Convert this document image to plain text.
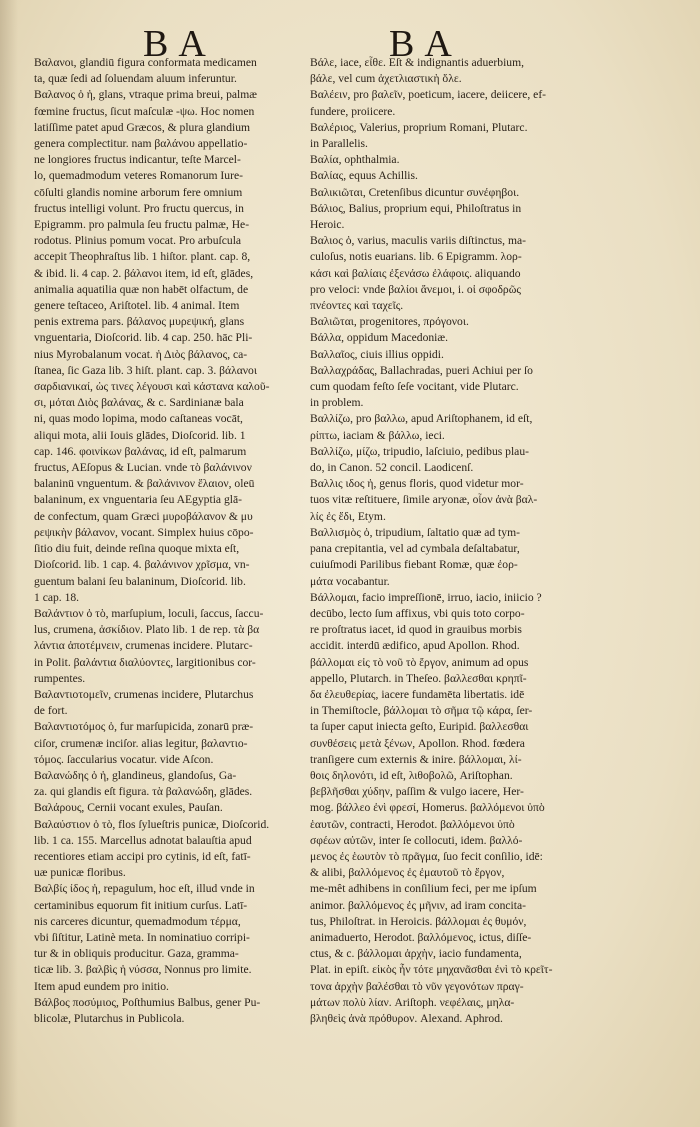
BA	BA
Βαλανοι, glandiū figura conformata medicamen
ta, quæ ſedi ad ſoluendam aluum inferuntur.
Βαλανος ὁ ἡ, glans, vtraque prima breui, palmæ
fœmine fructus, ſicut maſculæ -ψω. Hoc nomen
latiſſime patet apud Græcos, & plura glandium
genera complectitur. nam βαλάνου appellatio-
ne longiores fructus indicantur, teſte Marcel-
lo, quemadmodum veteres Romanorum Iure-
cōſulti glandis nomine arborum fere omnium
fructus intelligi volunt. Pro fructu quercus, in
Epigramm. pro palmula ſeu fructu palmæ, He-
rodotus. Plinius pomum vocat. Pro arbuſcula
accepit Theophraſtus lib. 1 hiſtor. plant. cap. 8,
& ibid. li. 4 cap. 2. βάλανοι item, id eſt, glādes,
animalia aquatilia quæ non habēt olfactum, de
genere teſtaceo, Ariſtotel. lib. 4 animal. Item
penis extrema pars. βάλανος μυρεψική, glans
vnguentaria, Dioſcorid. lib. 4 cap. 250. hāc Pli-
nius Myrobalanum vocat. ἡ Διὸς βάλανος, ca-
ſtanea, ſic Gaza lib. 3 hiſt. plant. cap. 3. βάλανοι
σαρδιανικαί, ὡς τινες λέγουσι καὶ κάστανα καλοῦ-
σι, μόται Διὸς βαλάνας, & c. Sardinianæ bala
ni, quas modo lopima, modo caſtaneas vocāt,
aliqui mota, alii Iouis glādes, Dioſcorid. lib. 1
cap. 146. φοινίκων βαλάνας, id eſt, palmarum
fructus, AEſopus & Lucian. vnde τὸ βαλάνινον
balaninū vnguentum. & βαλάνινον ἔλαιον, oleū
balaninum, ex vnguentaria ſeu AEgyptia glā-
de confectum, quam Græci μυροβάλανον & μυ
ρεψικὴν βάλανον, vocant. Simplex huius cōpo-
ſitio diu fuit, deinde reſina quoque mixta eſt,
Dioſcorid. lib. 1 cap. 4. βαλάνινον χρῖσμα, vn-
guentum balani ſeu balaninum, Dioſcorid. lib.
1 cap. 18.
Βαλάντιον ὁ τὸ, marſupium, loculi, ſaccus, ſaccu-
lus, crumena, ἀσκίδιον. Plato lib. 1 de rep. τὰ βα
λάντια ἀποτέμνειν, crumenas incidere. Plutarc-
in Polit. βαλάντια διαλύοντες, largitionibus cor-
rumpentes.
Βαλαντιοτομεῖν, crumenas incidere, Plutarchus
de fort.
Βαλαντιοτόμος ὁ, fur marſupicida, zonarū præ-
ciſor, crumenæ inciſor. alias legitur, βαλαντιο-
τόμος. ſaccularius vocatur. vide Aſcon.
Βαλανώδης ὁ ἡ, glandineus, glandoſus, Ga-
za. qui glandis eſt figura. τὰ βαλανώδη, glādes.
Βαλάρους, Cernii vocant exules, Pauſan.
Βαλαύστιον ὁ τὸ, flos ſylueſtris punicæ, Dioſcorid.
lib. 1 ca. 155. Marcellus adnotat balauſtia apud
recentiores etiam accipi pro cytinis, id eſt, fatī-
uæ punicæ floribus.
Βαλβίς ίδος ἡ, repagulum, hoc eſt, illud vnde in
certaminibus equorum fit initium curſus. Latī-
nis carceres dicuntur, quemadmodum τέρμα,
vbi ſiſtitur, Latinè meta. In nominatiuo corripi-
tur & in obliquis producitur. Gaza, gramma-
ticæ lib. 3. βαλβὶς ἡ νύσσα, Nonnus pro limite.
Item apud eundem pro initio.
Βάλβος ποσύμιος, Poſthumius Balbus, gener Pu-
blicolæ, Plutarchus in Publicola.
Βάλε, iace, εἶθε. Eſt & indignantis aduerbium,
βάλε, vel cum ἀχετλιαστικὴ ὅλε.
Βαλέειν, pro βαλεῖν, poeticum, iacere, deiicere, ef-
fundere, proiicere.
Βαλέριος, Valerius, proprium Romani, Plutarc.
in Parallelis.
Βαλία, ophthalmia.
Βαλίας, equus Achillis.
Βαλικιῶται, Cretenſibus dicuntur συνέφηβοι.
Βάλιος, Balius, proprium equi, Philoſtratus in
Heroic.
Βαλιος ὁ, varius, maculis variis diſtinctus, ma-
culoſus, notis euarians. lib. 6 Epigramm. λορ-
κάσι καὶ βαλίαις ἐξενάσω ἐλάφοις. aliquando
pro veloci: vnde βαλίοι ἄνεμοι, i. οἱ σφοδρῶς
πνέοντες καὶ ταχεῖς.
Βαλιῶται, progenitores, πρόγονοι.
Βάλλα, oppidum Macedoniæ.
Βαλλαῖος, ciuis illius oppidi.
Βαλλαχράδας, Ballachradas, pueri Achiui per ſo
cum quodam feſto ſeſe vocitant, vide Plutarc.
in problem.
Βαλλίζω, pro βαλλω, apud Ariſtophanem, id eſt,
ρίπτω, iaciam & βάλλω, ieci.
Βαλλίζω, μίζω, tripudio, laſciuio, pedibus plau-
do, in Canon. 52 concil. Laodicenſ.
Βαλλις ιδος ἡ, genus floris, quod videtur mor-
tuos vitæ reſtituere, ſimile aryonæ, οἷον ἀνὰ βαλ-
λίς ἐς ἔδι, Etym.
Βαλλισμὸς ὁ, tripudium, ſaltatio quæ ad tym-
pana crepitantia, vel ad cymbala deſaltabatur,
cuiuſmodi Parilibus fiebant Romæ, quæ ἐορ-
μάτα vocabantur.
Βάλλομαι, facio impreſſionē, irruo, iacio, iniicio ?
decūbo, lecto ſum affixus, vbi quis toto corpo-
re proſtratus iacet, id quod in grauibus morbis
accidit. interdū ædifico, apud Apollon. Rhod.
βάλλομαι εἰς τὸ νοῦ τὸ ἔργον, animum ad opus
appello, Plutarch. in Theſeo. βαλλεσθαι κρηπῖ-
δα ἐλευθερίας, iacere fundamēta libertatis. idē
in Themiſtocle, βάλλομαι τὸ σῆμα τῷ κάρα, ſer-
ta ſuper caput iniecta geſto, Euripid. βαλλεσθαι
συνθέσεις μετὰ ξένων, Apollon. Rhod. fœdera
tranſigere cum externis & inire. βάλλομαι, λί-
θοις δηλονότι, id eſt, λιθοβολῶ, Ariſtophan.
βεβλῆσθαι χύδην, paſſim & vulgo iacere, Her-
mog. βάλλεο ἐνὶ φρεσί, Homerus. βαλλόμενοι ὑπὸ
ἑαυτῶν, contracti, Herodot. βαλλόμενοι ὑπὸ
σφέων αὐτῶν, inter ſe collocuti, idem. βαλλό-
μενος ἐς ἑωυτὸν τὸ πρᾶγμα, ſuo fecit conſilio, idē:
& alibi, βαλλόμενος ἐς ἐμαυτοῦ τὸ ἔργον,
me-mêt adhibens in conſilium feci, per me ipſum
animor. βαλλόμενος ἐς μῆνιν, ad iram concita-
tus, Philoſtrat. in Heroicis. βάλλομαι ἐς θυμόν,
animaduerto, Herodot. βαλλόμενος, ictus, diſſe-
ctus, & c. βάλλομαι ἀρχὴν, iacio fundamenta,
Plat. in epiſt. εἰκὸς ἦν τότε μηχανᾶσθαι ἐνὶ τὸ κρεῖτ-
τονα ἀρχὴν βαλέσθαι τὸ νῦν γεγονότων πραγ-
μάτων πολὺ λίαν. Ariſtoph. νεφέλαις, μηλα-
βληθεὶς ἀνὰ πρόθυρον. Alexand. Aphrod.
